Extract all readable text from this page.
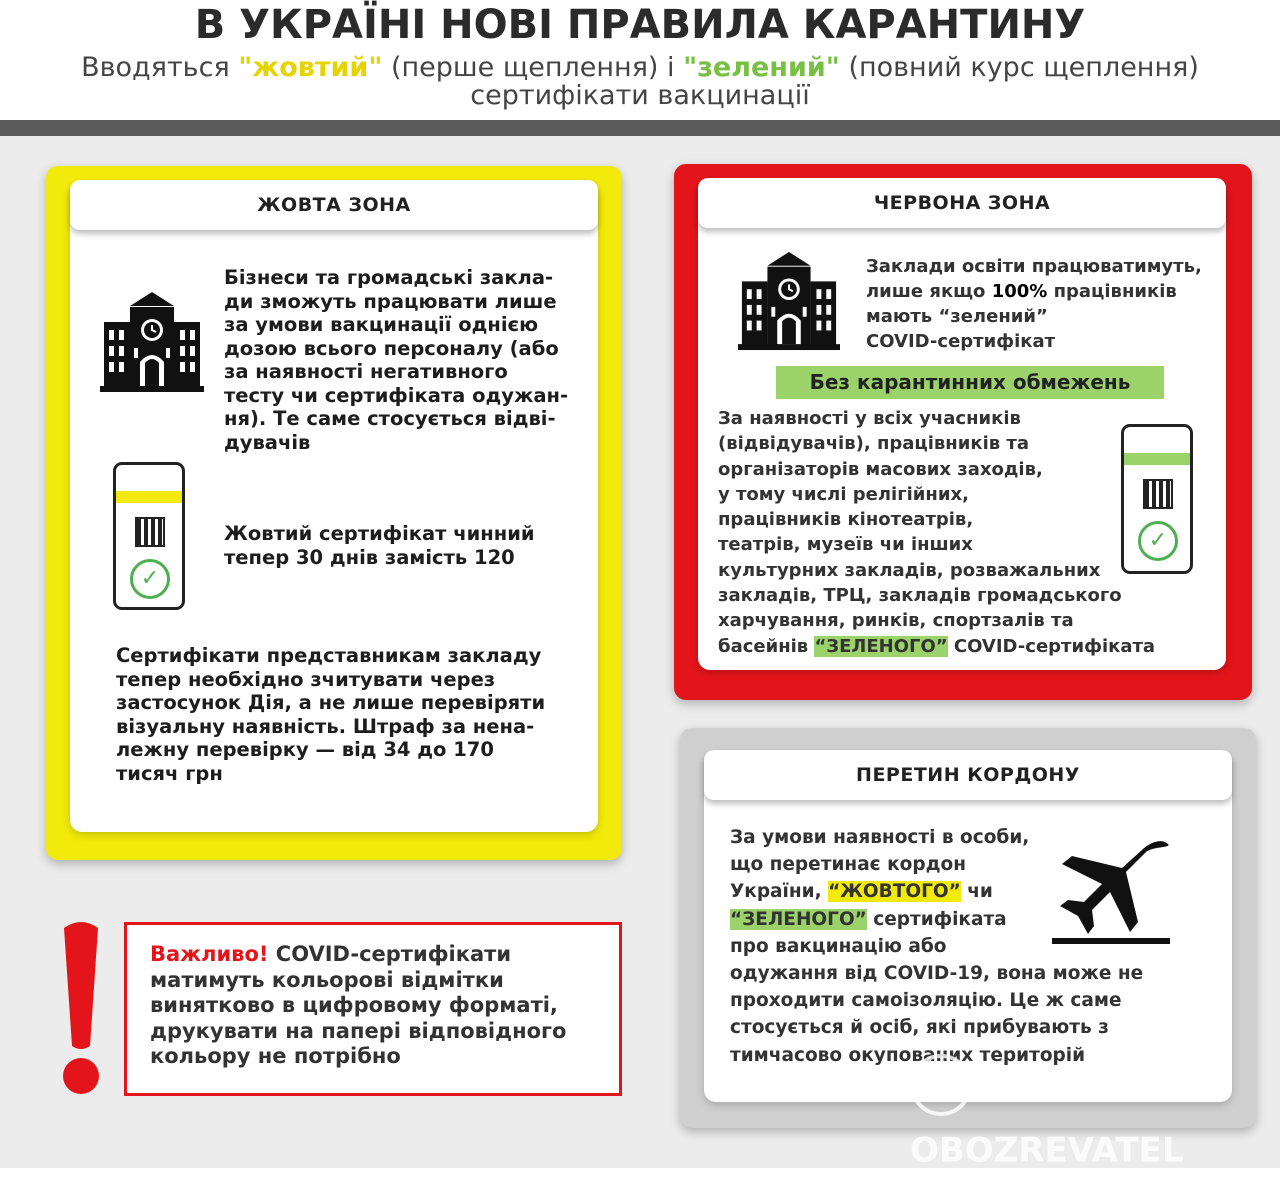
В УКРАЇНІ НОВІ ПРАВИЛА КАРАНТИНУ
Вводяться "жовтий" (перше щеплення) і "зелений" (повний курс щеплення)
сертифікати вакцинації
ЖОВТА ЗОНА
Бізнеси та громадські закла-
ди зможуть працювати лише
за умови вакцинації однією
дозою всього персоналу (або
за наявності негативного
тесту чи сертифіката одужан-
ня). Те саме стосується відві-
дувачів
✓
Жовтий сертифікат чинний
тепер 30 днів замість 120
Сертифікати представникам закладу
тепер необхідно зчитувати через
застосунок Дія, а не лише перевіряти
візуальну наявність. Штраф за нена-
лежну перевірку — від 34 до 170
тисяч грн
ЧЕРВОНА ЗОНА
Заклади освіти працюватимуть,
лише якщо 100% працівників
мають “зелений”
COVID-сертифікат
Без карантинних обмежень
За наявності у всіх учасників
(відвідувачів), працівників та
організаторів масових заходів,
у тому числі релігійних,
працівників кінотеатрів,
театрів, музеїв чи інших
культурних закладів, розважальних
закладів, ТРЦ, закладів громадського
харчування, ринків, спортзалів та
басейнів “ЗЕЛЕНОГО” COVID-сертифіката
✓
ПЕРЕТИН КОРДОНУ
За умови наявності в особи,
що перетинає кордон
України, “ЖОВТОГО” чи
“ЗЕЛЕНОГО” сертифіката
про вакцинацію або
одужання від COVID-19, вона може не
проходити самоізоляцію. Це ж саме
стосується й осіб, які прибувають з
тимчасово окупованих територій
Важливо! COVID-сертифікати
матимуть кольорові відмітки
винятково в цифровому форматі,
друкувати на папері відповідного
кольору не потрібно
OBOZREVATEL
